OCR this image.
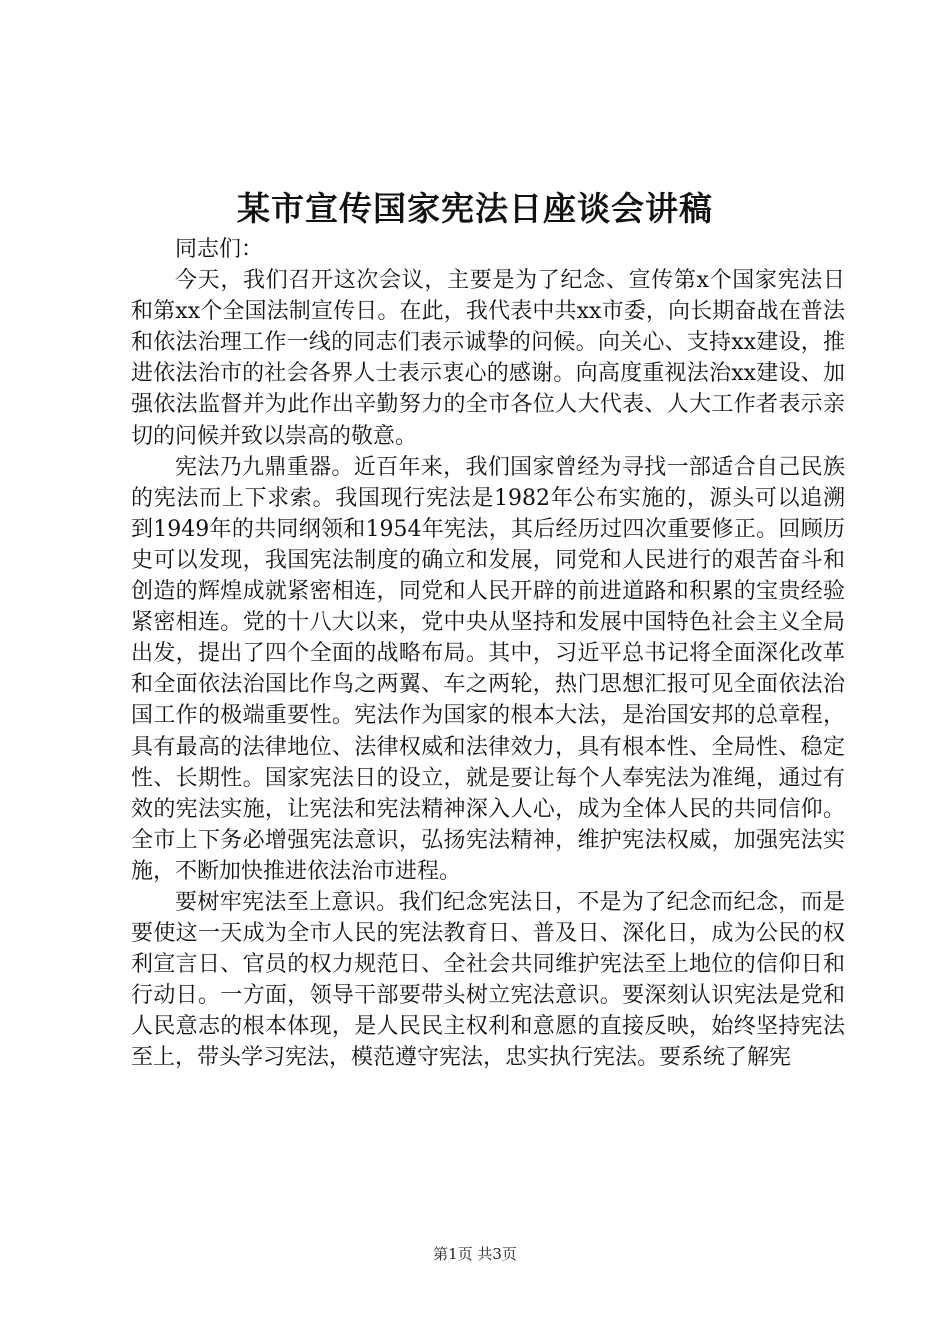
某市宣传国家宪法日座谈会讲稿

同志们：

今天，我们召开这次会议，主要是为了纪念、宣传第x个国家宪法日和第xx个全国法制宣传日。在此，我代表中共xx市委，向长期奋战在普法和依法治理工作一线的同志们表示诚挚的问候。向关心、支持xx建设，推进依法治市的社会各界人士表示衷心的感谢。向高度重视法治xx建设、加强依法监督并为此作出辛勤努力的全市各位人大代表、人大工作者表示亲切的问候并致以崇高的敬意。

宪法乃九鼎重器。近百年来，我们国家曾经为寻找一部适合自己民族的宪法而上下求索。我国现行宪法是1982年公布实施的，源头可以追溯到1949年的共同纲领和1954年宪法，其后经历过四次重要修正。回顾历史可以发现，我国宪法制度的确立和发展，同党和人民进行的艰苦奋斗和创造的辉煌成就紧密相连，同党和人民开辟的前进道路和积累的宝贵经验紧密相连。党的十八大以来，党中央从坚持和发展中国特色社会主义全局出发，提出了四个全面的战略布局。其中，习近平总书记将全面深化改革和全面依法治国比作鸟之两翼、车之两轮，热门思想汇报可见全面依法治国工作的极端重要性。宪法作为国家的根本大法，是治国安邦的总章程，具有最高的法律地位、法律权威和法律效力，具有根本性、全局性、稳定性、长期性。国家宪法日的设立，就是要让每个人奉宪法为准绳，通过有效的宪法实施，让宪法和宪法精神深入人心，成为全体人民的共同信仰。全市上下务必增强宪法意识，弘扬宪法精神，维护宪法权威，加强宪法实施，不断加快推进依法治市进程。

要树牢宪法至上意识。我们纪念宪法日，不是为了纪念而纪念，而是要使这一天成为全市人民的宪法教育日、普及日、深化日，成为公民的权利宣言日、官员的权力规范日、全社会共同维护宪法至上地位的信仰日和行动日。一方面，领导干部要带头树立宪法意识。要深刻认识宪法是党和人民意志的根本体现，是人民民主权利和意愿的直接反映，始终坚持宪法至上，带头学习宪法，模范遵守宪法，忠实执行宪法。要系统了解宪

第1页 共3页
